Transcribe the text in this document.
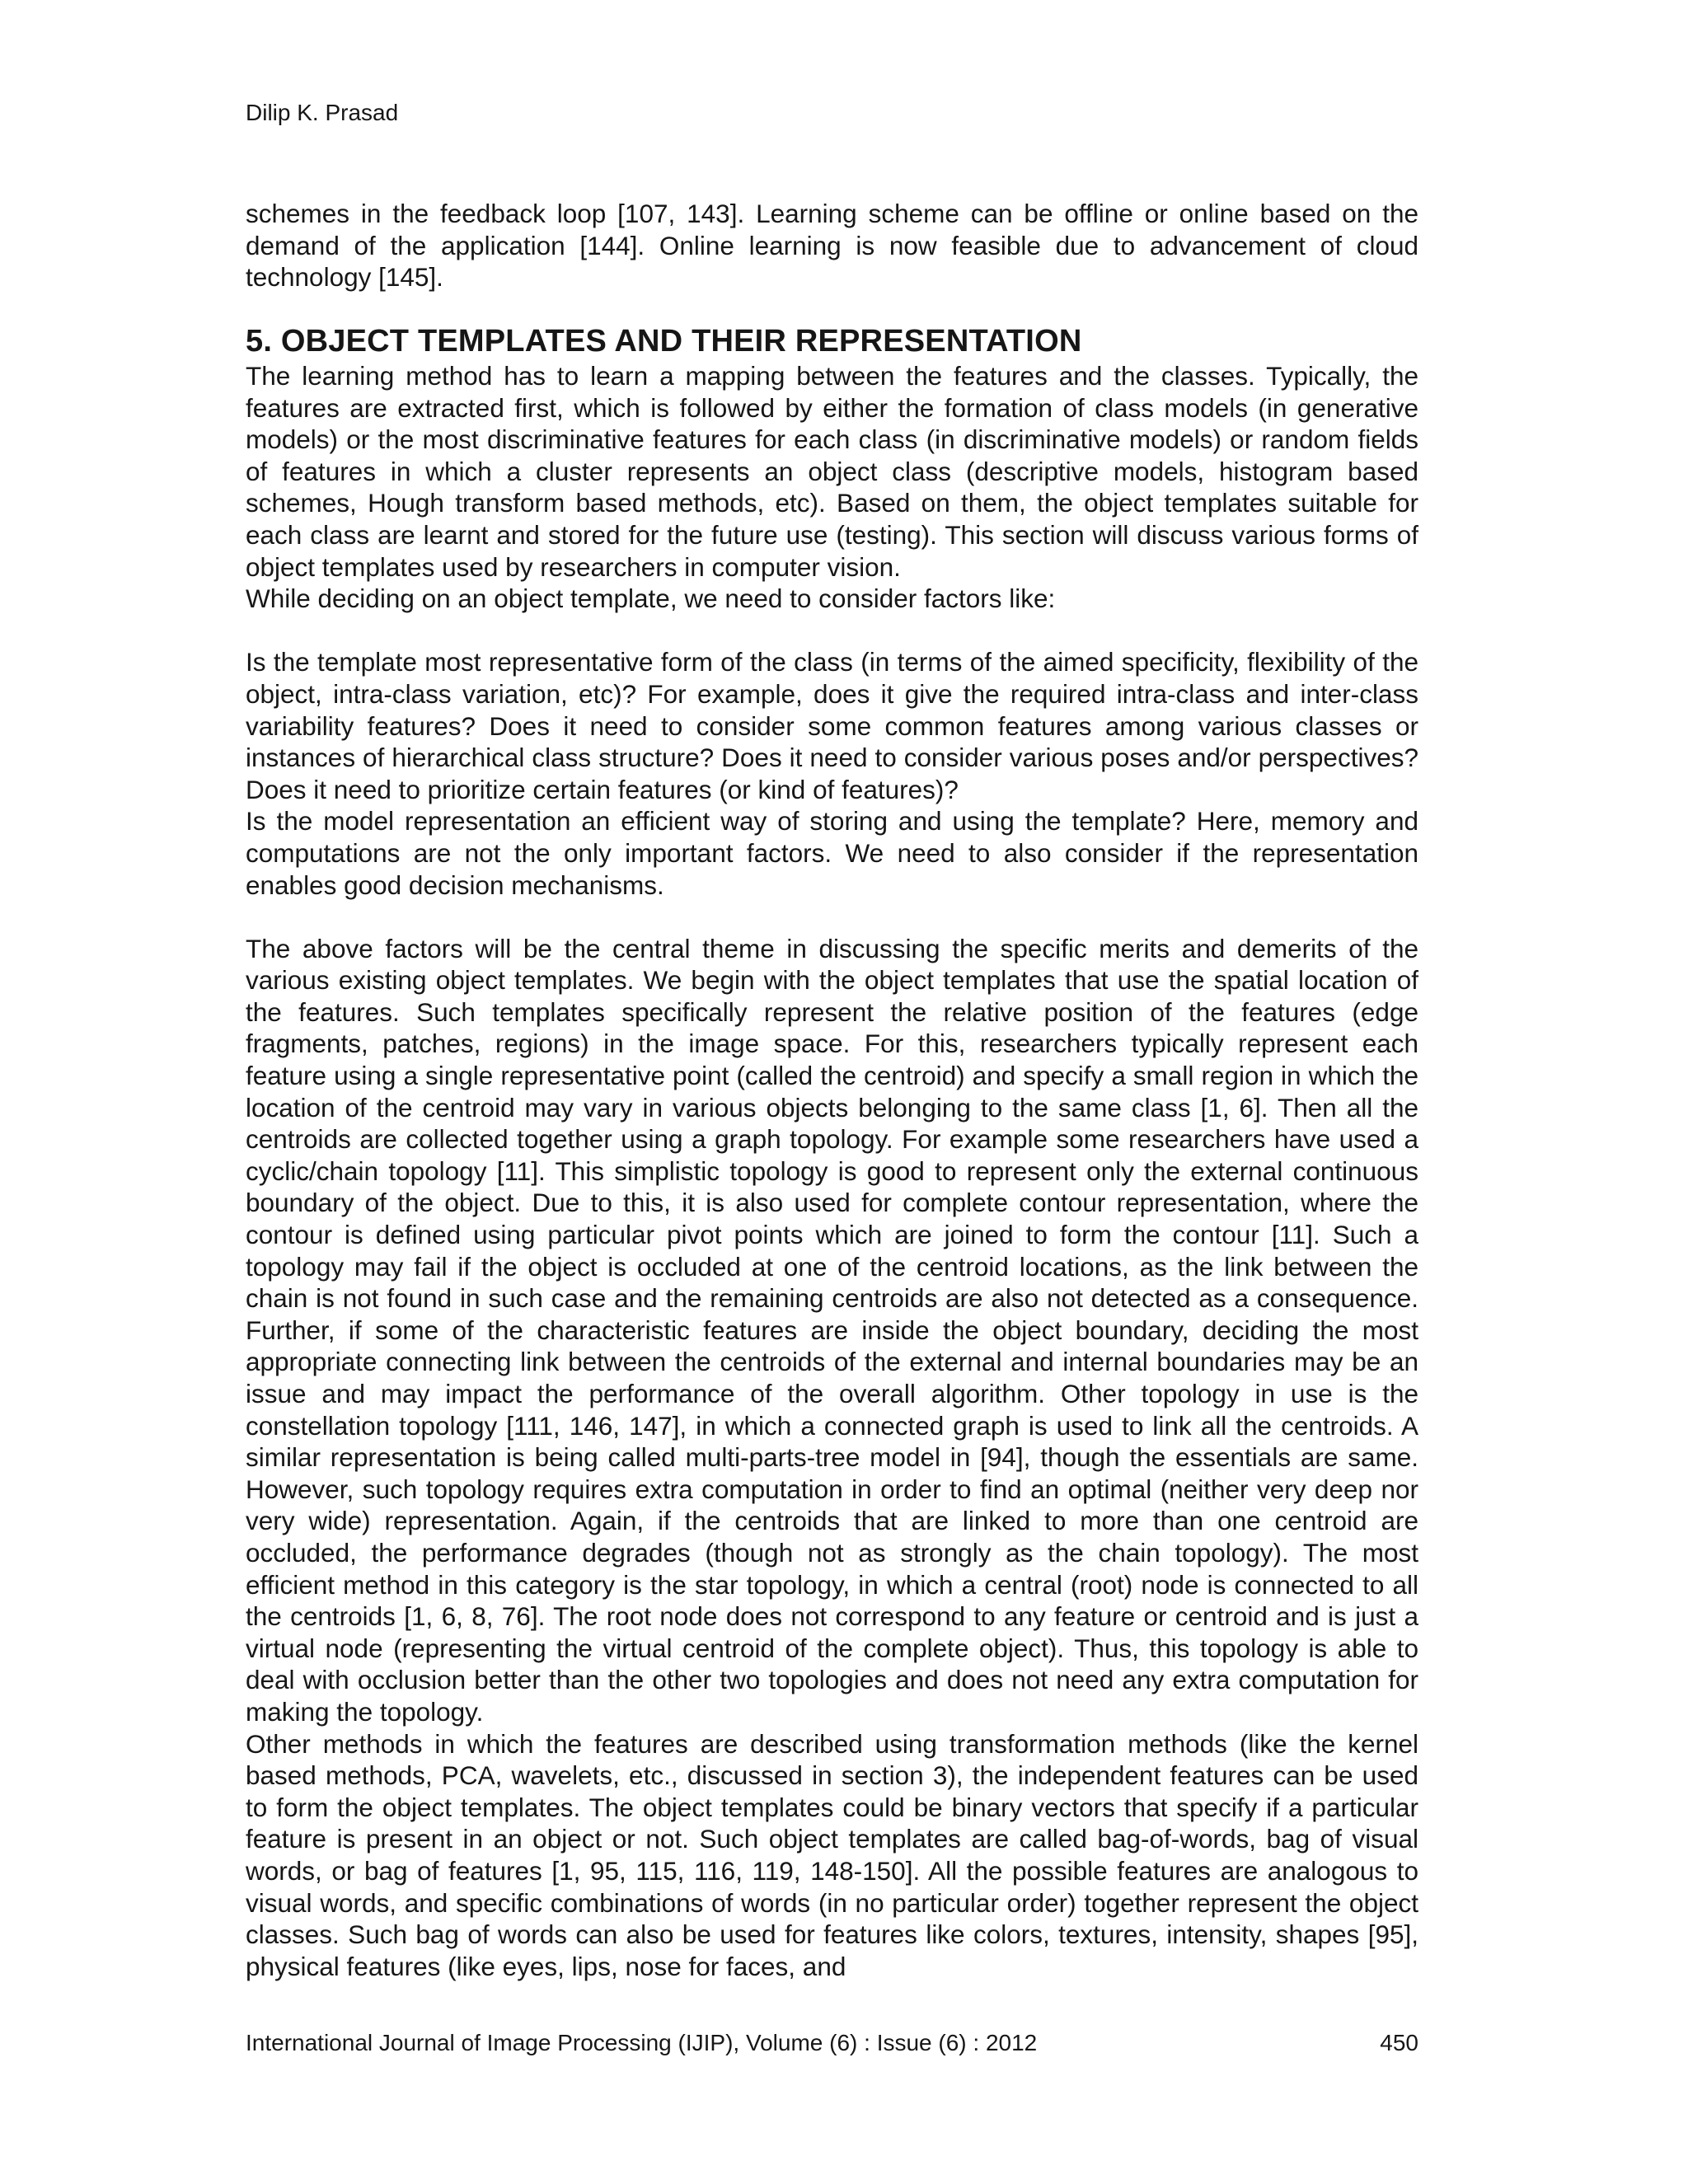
Dilip K. Prasad

schemes in the feedback loop [107, 143]. Learning scheme can be offline or online based on the demand of the application [144]. Online learning is now feasible due to advancement of cloud technology [145].

5. OBJECT TEMPLATES AND THEIR REPRESENTATION

The learning method has to learn a mapping between the features and the classes. Typically, the features are extracted first, which is followed by either the formation of class models (in generative models) or the most discriminative features for each class (in discriminative models) or random fields of features in which a cluster represents an object class (descriptive models, histogram based schemes, Hough transform based methods, etc). Based on them, the object templates suitable for each class are learnt and stored for the future use (testing). This section will discuss various forms of object templates used by researchers in computer vision.

While deciding on an object template, we need to consider factors like:

Is the template most representative form of the class (in terms of the aimed specificity, flexibility of the object, intra-class variation, etc)? For example, does it give the required intra-class and inter-class variability features? Does it need to consider some common features among various classes or instances of hierarchical class structure? Does it need to consider various poses and/or perspectives? Does it need to prioritize certain features (or kind of features)?

Is the model representation an efficient way of storing and using the template? Here, memory and computations are not the only important factors. We need to also consider if the representation enables good decision mechanisms.

The above factors will be the central theme in discussing the specific merits and demerits of the various existing object templates. We begin with the object templates that use the spatial location of the features. Such templates specifically represent the relative position of the features (edge fragments, patches, regions) in the image space. For this, researchers typically represent each feature using a single representative point (called the centroid) and specify a small region in which the location of the centroid may vary in various objects belonging to the same class [1, 6]. Then all the centroids are collected together using a graph topology. For example some researchers have used a cyclic/chain topology [11]. This simplistic topology is good to represent only the external continuous boundary of the object. Due to this, it is also used for complete contour representation, where the contour is defined using particular pivot points which are joined to form the contour [11]. Such a topology may fail if the object is occluded at one of the centroid locations, as the link between the chain is not found in such case and the remaining centroids are also not detected as a consequence. Further, if some of the characteristic features are inside the object boundary, deciding the most appropriate connecting link between the centroids of the external and internal boundaries may be an issue and may impact the performance of the overall algorithm. Other topology in use is the constellation topology [111, 146, 147], in which a connected graph is used to link all the centroids. A similar representation is being called multi-parts-tree model in [94], though the essentials are same. However, such topology requires extra computation in order to find an optimal (neither very deep nor very wide) representation. Again, if the centroids that are linked to more than one centroid are occluded, the performance degrades (though not as strongly as the chain topology). The most efficient method in this category is the star topology, in which a central (root) node is connected to all the centroids [1, 6, 8, 76]. The root node does not correspond to any feature or centroid and is just a virtual node (representing the virtual centroid of the complete object). Thus, this topology is able to deal with occlusion better than the other two topologies and does not need any extra computation for making the topology.

Other methods in which the features are described using transformation methods (like the kernel based methods, PCA, wavelets, etc., discussed in section 3), the independent features can be used to form the object templates. The object templates could be binary vectors that specify if a particular feature is present in an object or not. Such object templates are called bag-of-words, bag of visual words, or bag of features [1, 95, 115, 116, 119, 148-150]. All the possible features are analogous to visual words, and specific combinations of words (in no particular order) together represent the object classes. Such bag of words can also be used for features like colors, textures, intensity, shapes [95], physical features (like eyes, lips, nose for faces, and

International Journal of Image Processing (IJIP), Volume (6) : Issue (6) : 2012	450
